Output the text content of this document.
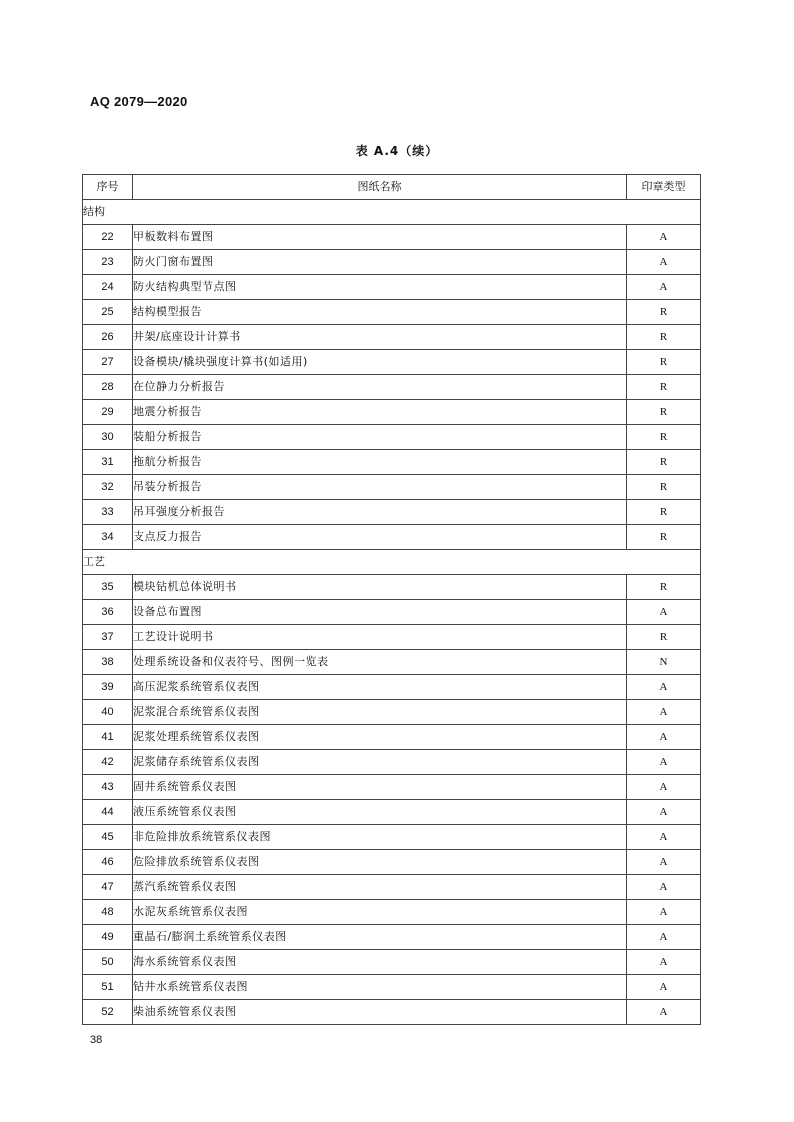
AQ 2079—2020
表 A.4（续）
序号	图纸名称	印章类型
结构		
22	甲板数料布置图	A
23	防火门窗布置图	A
24	防火结构典型节点图	A
25	结构模型报告	R
26	井架/底座设计计算书	R
27	设备模块/橇块强度计算书(如适用)	R
28	在位静力分析报告	R
29	地震分析报告	R
30	装船分析报告	R
31	拖航分析报告	R
32	吊装分析报告	R
33	吊耳强度分析报告	R
34	支点反力报告	R
工艺		
35	模块钻机总体说明书	R
36	设备总布置图	A
37	工艺设计说明书	R
38	处理系统设备和仪表符号、图例一览表	N
39	高压泥浆系统管系仪表图	A
40	泥浆混合系统管系仪表图	A
41	泥浆处理系统管系仪表图	A
42	泥浆储存系统管系仪表图	A
43	固井系统管系仪表图	A
44	液压系统管系仪表图	A
45	非危险排放系统管系仪表图	A
46	危险排放系统管系仪表图	A
47	蒸汽系统管系仪表图	A
48	水泥灰系统管系仪表图	A
49	重晶石/膨润土系统管系仪表图	A
50	海水系统管系仪表图	A
51	钻井水系统管系仪表图	A
52	柴油系统管系仪表图	A
38
